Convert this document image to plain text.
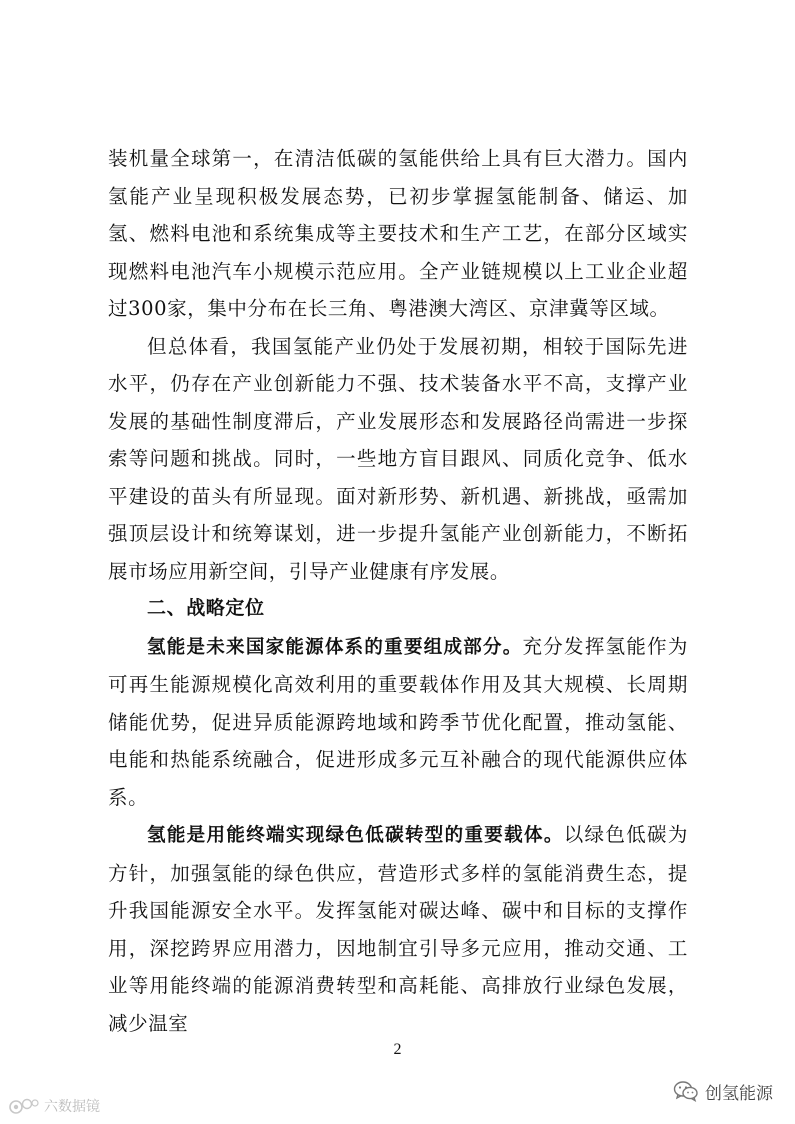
装机量全球第一，在清洁低碳的氢能供给上具有巨大潜力。国内氢能产业呈现积极发展态势，已初步掌握氢能制备、储运、加氢、燃料电池和系统集成等主要技术和生产工艺，在部分区域实现燃料电池汽车小规模示范应用。全产业链规模以上工业企业超过300家，集中分布在长三角、粤港澳大湾区、京津冀等区域。

但总体看，我国氢能产业仍处于发展初期，相较于国际先进水平，仍存在产业创新能力不强、技术装备水平不高，支撑产业发展的基础性制度滞后，产业发展形态和发展路径尚需进一步探索等问题和挑战。同时，一些地方盲目跟风、同质化竞争、低水平建设的苗头有所显现。面对新形势、新机遇、新挑战，亟需加强顶层设计和统筹谋划，进一步提升氢能产业创新能力，不断拓展市场应用新空间，引导产业健康有序发展。

二、战略定位

氢能是未来国家能源体系的重要组成部分。充分发挥氢能作为可再生能源规模化高效利用的重要载体作用及其大规模、长周期储能优势，促进异质能源跨地域和跨季节优化配置，推动氢能、电能和热能系统融合，促进形成多元互补融合的现代能源供应体系。

氢能是用能终端实现绿色低碳转型的重要载体。以绿色低碳为方针，加强氢能的绿色供应，营造形式多样的氢能消费生态，提升我国能源安全水平。发挥氢能对碳达峰、碳中和目标的支撑作用，深挖跨界应用潜力，因地制宜引导多元应用，推动交通、工业等用能终端的能源消费转型和高耗能、高排放行业绿色发展，减少温室

2
创氢能源
六数据镜
